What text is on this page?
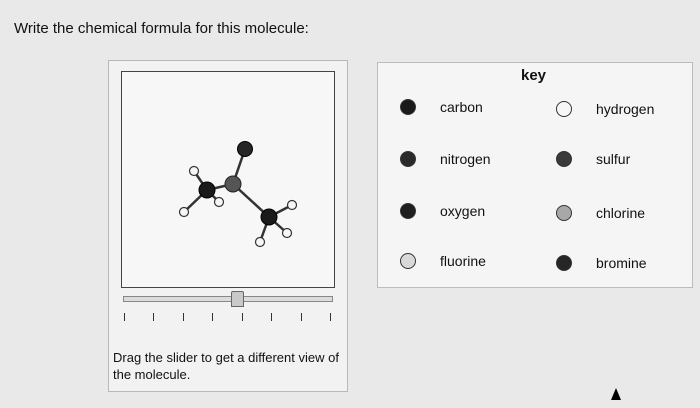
Write the chemical formula for this molecule:
Drag the slider to get a different view of the molecule.
key
carbon	hydrogen
nitrogen	sulfur
oxygen	chlorine
fluorine	bromine
